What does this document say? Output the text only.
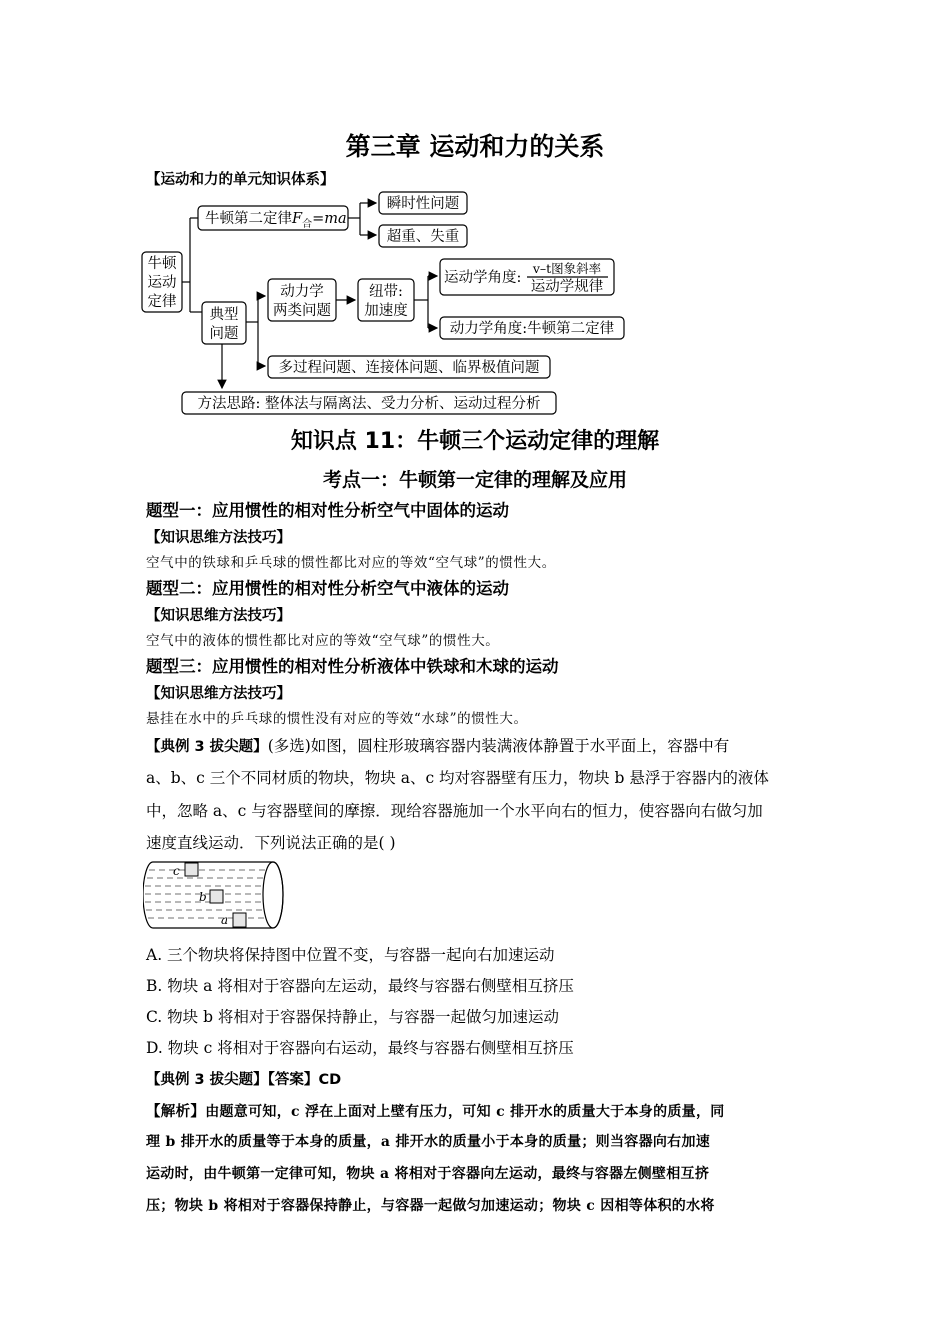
第三章 运动和力的关系
【运动和力的单元知识体系】
牛顿
运动
定律
牛顿第二定律$F_合=ma$
瞬时性问题
超重、失重
典型
问题
动力学
两类问题
纽带:
加速度
运动学角度:
v–t图象斜率
运动学规律
动力学角度:牛顿第二定律
多过程问题、连接体问题、临界极值问题
方法思路: 整体法与隔离法、受力分析、运动过程分析
知识点 11：牛顿三个运动定律的理解
考点一：牛顿第一定律的理解及应用
题型一：应用惯性的相对性分析空气中固体的运动
【知识思维方法技巧】
空气中的铁球和乒乓球的惯性都比对应的等效“空气球”的惯性大。
题型二：应用惯性的相对性分析空气中液体的运动
【知识思维方法技巧】
空气中的液体的惯性都比对应的等效“空气球”的惯性大。
题型三：应用惯性的相对性分析液体中铁球和木球的运动
【知识思维方法技巧】
悬挂在水中的乒乓球的惯性没有对应的等效“水球”的惯性大。
【典例 3 拔尖题】(多选)如图，圆柱形玻璃容器内装满液体静置于水平面上，容器中有
a、b、c 三个不同材质的物块，物块 a、c 均对容器壁有压力，物块 b 悬浮于容器内的液体
中，忽略 a、c 与容器壁间的摩擦．现给容器施加一个水平向右的恒力，使容器向右做匀加
速度直线运动．下列说法正确的是( )
c
b
a
A. 三个物块将保持图中位置不变，与容器一起向右加速运动
B. 物块 a 将相对于容器向左运动，最终与容器右侧壁相互挤压
C. 物块 b 将相对于容器保持静止，与容器一起做匀加速运动
D. 物块 c 将相对于容器向右运动，最终与容器右侧壁相互挤压
【典例 3 拔尖题】【答案】CD
【解析】由题意可知，c 浮在上面对上壁有压力，可知 c 排开水的质量大于本身的质量，同
理 b 排开水的质量等于本身的质量，a 排开水的质量小于本身的质量；则当容器向右加速
运动时，由牛顿第一定律可知，物块 a 将相对于容器向左运动，最终与容器左侧壁相互挤
压；物块 b 将相对于容器保持静止，与容器一起做匀加速运动；物块 c 因相等体积的水将
